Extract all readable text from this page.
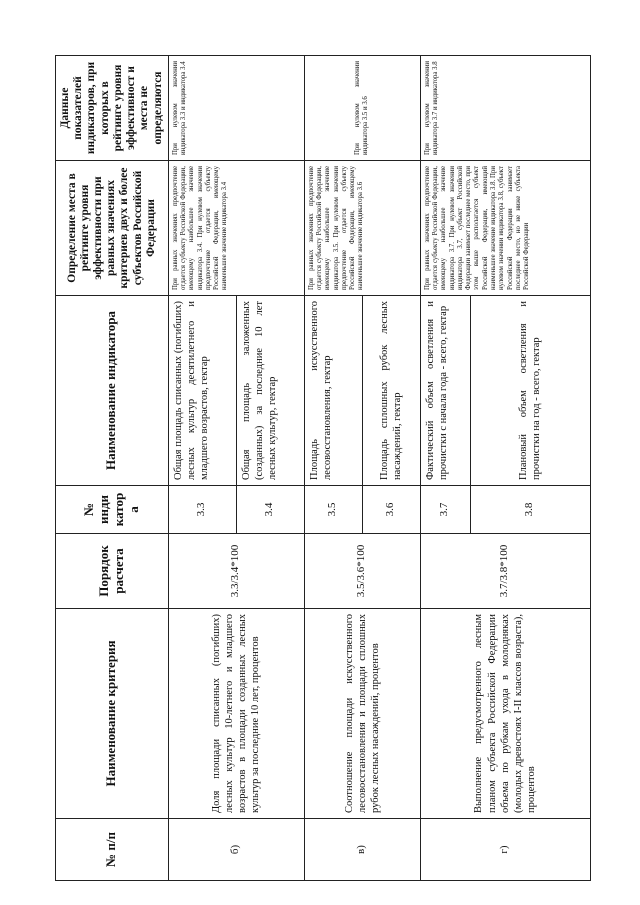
№ п/п	Наименование критерия	Порядок расчета	№ инди катор а	Наименование индикатора	Определение места в рейтинге уровня эффективности при равных значениях критериев двух и более субъектов Российской Федерации	Данные показателей индикаторов, при которых в рейтинге уровня эффективност и места не определяются
б)	Доля площади списанных (погибших) лесных культур 10-летнего и младшего возрастов в площади созданных лесных культур за последние 10 лет, процентов	3.3/3.4*100	3.3	Общая площадь списанных (погибших) лесных культур десятилетнего и младшего возрастов, гектар	При равных значениях предпочтение отдается субъекту Российской Федерации, имеющему наибольшее значение индикатора 3.4. При нулевом значении предпочтение отдается субъекту Российской Федерации, имеющему наименьшее значение индикатора 3.4	При нулевом значении индикатора 3.3 и индикатора 3.4
			3.4	Общая площадь заложенных (созданных) за последние 10 лет лесных культур, гектар		
в)	Соотношение площади искусственного лесовосстановления и площади сплошных рубок лесных насаждений, процентов	3.5/3.6*100	3.5	Площадь искусственного лесовосстановления, гектар	При равных значениях предпочтение отдается субъекту Российской Федерации, имеющему наибольшее значение индикатора 3.5. При нулевом значении предпочтение отдается субъекту Российской Федерации, имеющему наименьшее значение индикатора 3.6	При нулевом значении индикатора 3.5 и 3.6
			3.6	Площадь сплошных рубок лесных насаждений, гектар		
г)	Выполнение предусмотренного лесным планом субъекта Российской Федерации объема по рубкам ухода в молодняках (молодых древостоях I-II классов возраста), процентов	3.7/3.8*100	3.7	Фактический объем осветления и прочистки с начала года - всего, гектар	При равных значениях предпочтение отдается субъекту Российской Федерации, имеющему наибольшее значение индикатора 3.7. При нулевом значении индикатора 3.7, субъект Российской Федерации занимает последнее место, при этом выше располагается субъект Российской Федерации, имеющий наименьшее значение индикатора 3.8. При нулевом значении индикатора 3.8, субъект Российской Федерации занимает последнее место, но не ниже субъекта Российской Федерации	При нулевом значении индикатора 3.7 и индикатора 3.8
			3.8	Плановый объем осветления и прочистки на год - всего, гектар		
